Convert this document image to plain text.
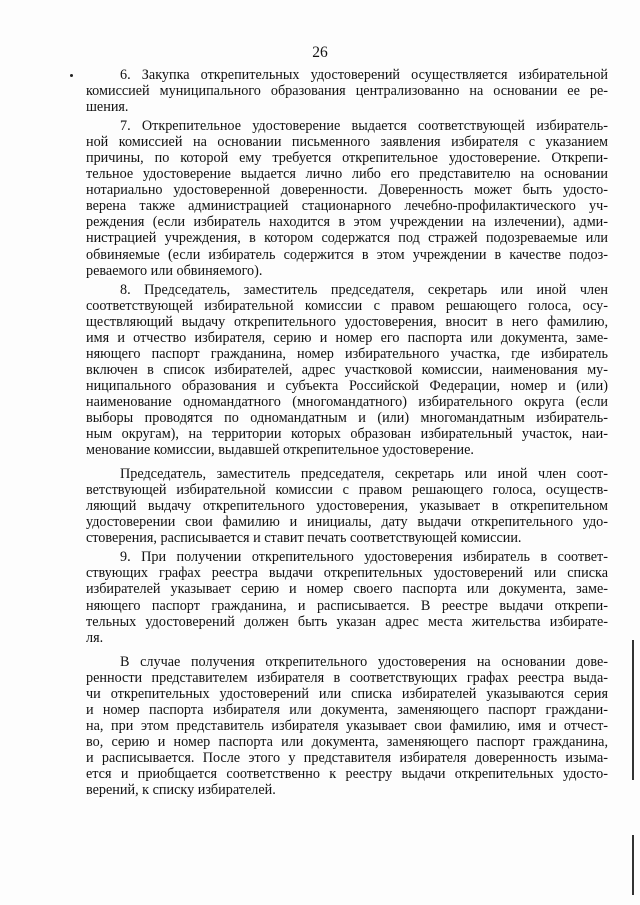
26
6. Закупка открепительных удостоверений осуществляется избирательной
комиссией муниципального образования централизованно на основании ее ре-
шения.
7. Открепительное удостоверение выдается соответствующей избиратель-
ной комиссией на основании письменного заявления избирателя с указанием
причины, по которой ему требуется открепительное удостоверение. Открепи-
тельное удостоверение выдается лично либо его представителю на основании
нотариально удостоверенной доверенности. Доверенность может быть удосто-
верена также администрацией стационарного лечебно-профилактического уч-
реждения (если избиратель находится в этом учреждении на излечении), адми-
нистрацией учреждения, в котором содержатся под стражей подозреваемые или
обвиняемые (если избиратель содержится в этом учреждении в качестве подоз-
реваемого или обвиняемого).
8. Председатель, заместитель председателя, секретарь или иной член
соответствующей избирательной комиссии с правом решающего голоса, осу-
ществляющий выдачу открепительного удостоверения, вносит в него фамилию,
имя и отчество избирателя, серию и номер его паспорта или документа, заме-
няющего паспорт гражданина, номер избирательного участка, где избиратель
включен в список избирателей, адрес участковой комиссии, наименования му-
ниципального образования и субъекта Российской Федерации, номер и (или)
наименование одномандатного (многомандатного) избирательного округа (если
выборы проводятся по одномандатным и (или) многомандатным избиратель-
ным округам), на территории которых образован избирательный участок, наи-
менование комиссии, выдавшей открепительное удостоверение.
Председатель, заместитель председателя, секретарь или иной член соот-
ветствующей избирательной комиссии с правом решающего голоса, осуществ-
ляющий выдачу открепительного удостоверения, указывает в открепительном
удостоверении свои фамилию и инициалы, дату выдачи открепительного удо-
стоверения, расписывается и ставит печать соответствующей комиссии.
9. При получении открепительного удостоверения избиратель в соответ-
ствующих графах реестра выдачи открепительных удостоверений или списка
избирателей указывает серию и номер своего паспорта или документа, заме-
няющего паспорт гражданина, и расписывается. В реестре выдачи открепи-
тельных удостоверений должен быть указан адрес места жительства избирате-
ля.
В случае получения открепительного удостоверения на основании дове-
ренности представителем избирателя в соответствующих графах реестра выда-
чи открепительных удостоверений или списка избирателей указываются серия
и номер паспорта избирателя или документа, заменяющего паспорт граждани-
на, при этом представитель избирателя указывает свои фамилию, имя и отчест-
во, серию и номер паспорта или документа, заменяющего паспорт гражданина,
и расписывается. После этого у представителя избирателя доверенность изыма-
ется и приобщается соответственно к реестру выдачи открепительных удосто-
верений, к списку избирателей.
